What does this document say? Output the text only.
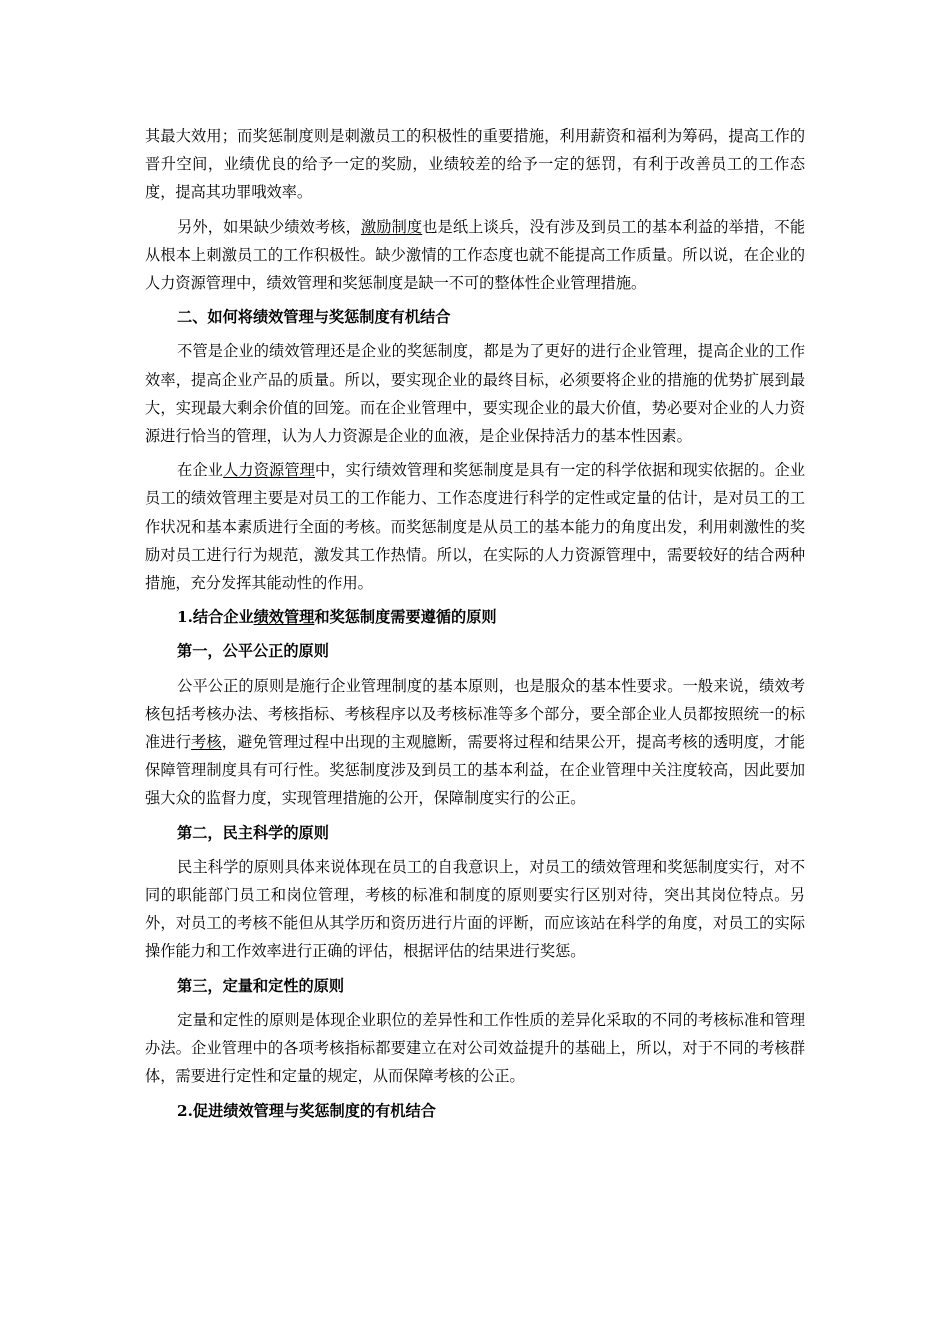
其最大效用；而奖惩制度则是刺激员工的积极性的重要措施，利用薪资和福利为筹码，提高工作的晋升空间，业绩优良的给予一定的奖励，业绩较差的给予一定的惩罚，有利于改善员工的工作态度，提高其功罪哦效率。
另外，如果缺少绩效考核，激励制度也是纸上谈兵，没有涉及到员工的基本利益的举措，不能从根本上刺激员工的工作积极性。缺少激情的工作态度也就不能提高工作质量。所以说，在企业的人力资源管理中，绩效管理和奖惩制度是缺一不可的整体性企业管理措施。
二、如何将绩效管理与奖惩制度有机结合
不管是企业的绩效管理还是企业的奖惩制度，都是为了更好的进行企业管理，提高企业的工作效率，提高企业产品的质量。所以，要实现企业的最终目标，必须要将企业的措施的优势扩展到最大，实现最大剩余价值的回笼。而在企业管理中，要实现企业的最大价值，势必要对企业的人力资源进行恰当的管理，认为人力资源是企业的血液，是企业保持活力的基本性因素。
在企业人力资源管理中，实行绩效管理和奖惩制度是具有一定的科学依据和现实依据的。企业员工的绩效管理主要是对员工的工作能力、工作态度进行科学的定性或定量的估计，是对员工的工作状况和基本素质进行全面的考核。而奖惩制度是从员工的基本能力的角度出发，利用刺激性的奖励对员工进行行为规范，激发其工作热情。所以，在实际的人力资源管理中，需要较好的结合两种措施，充分发挥其能动性的作用。
1.结合企业绩效管理和奖惩制度需要遵循的原则
第一，公平公正的原则
公平公正的原则是施行企业管理制度的基本原则，也是服众的基本性要求。一般来说，绩效考核包括考核办法、考核指标、考核程序以及考核标准等多个部分，要全部企业人员都按照统一的标准进行考核，避免管理过程中出现的主观臆断，需要将过程和结果公开，提高考核的透明度，才能保障管理制度具有可行性。奖惩制度涉及到员工的基本利益，在企业管理中关注度较高，因此要加强大众的监督力度，实现管理措施的公开，保障制度实行的公正。
第二，民主科学的原则
民主科学的原则具体来说体现在员工的自我意识上，对员工的绩效管理和奖惩制度实行，对不同的职能部门员工和岗位管理，考核的标准和制度的原则要实行区别对待，突出其岗位特点。另外，对员工的考核不能但从其学历和资历进行片面的评断，而应该站在科学的角度，对员工的实际操作能力和工作效率进行正确的评估，根据评估的结果进行奖惩。
第三，定量和定性的原则
定量和定性的原则是体现企业职位的差异性和工作性质的差异化采取的不同的考核标准和管理办法。企业管理中的各项考核指标都要建立在对公司效益提升的基础上，所以，对于不同的考核群体，需要进行定性和定量的规定，从而保障考核的公正。
2.促进绩效管理与奖惩制度的有机结合
